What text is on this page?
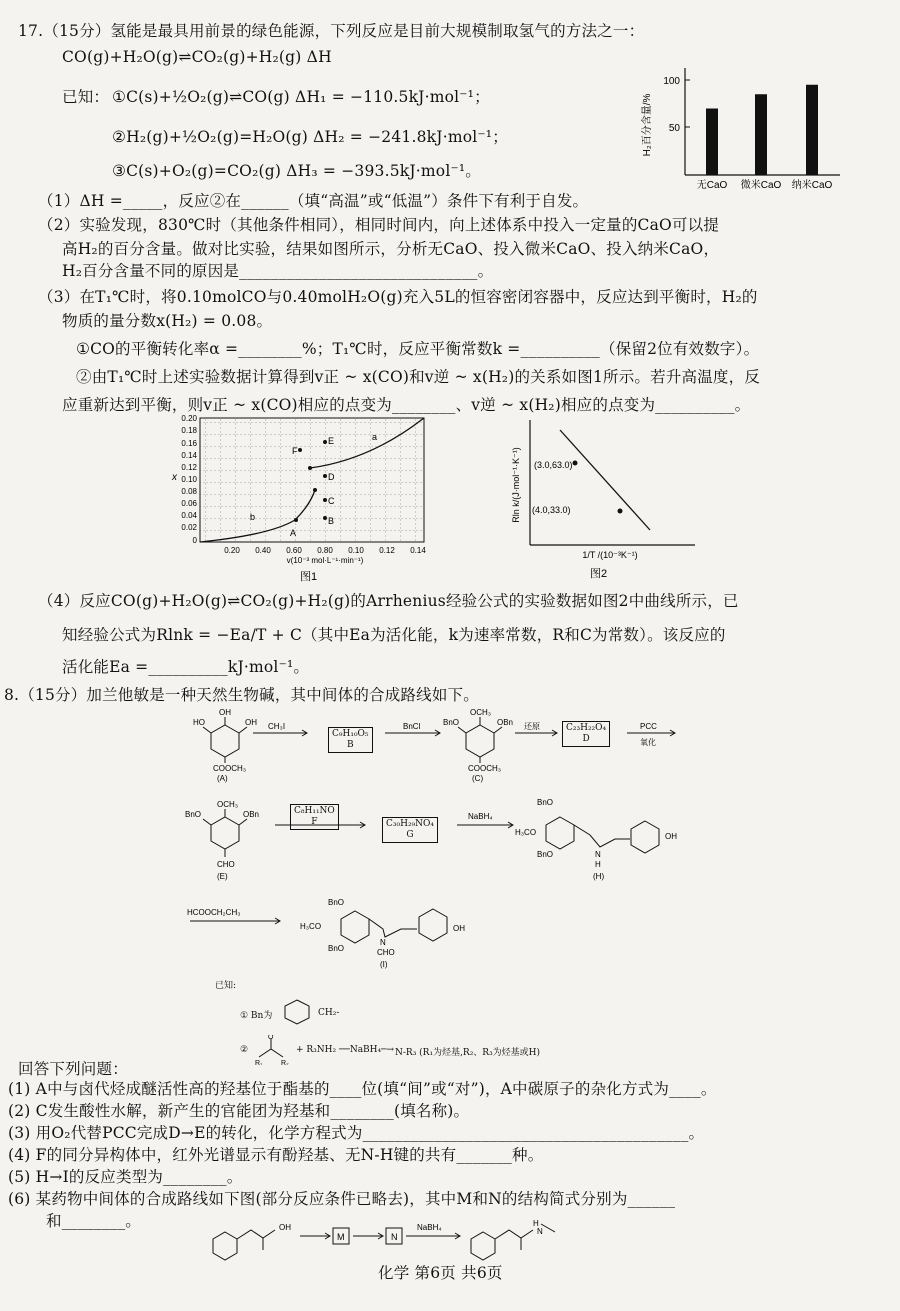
17.（15分）氢能是最具用前景的绿色能源，下列反应是目前大规模制取氢气的方法之一：
CO(g)+H₂O(g)⇌CO₂(g)+H₂(g) ΔH
已知： ①C(s)+½O₂(g)⇌CO(g) ΔH₁ = −110.5kJ·mol⁻¹；
②H₂(g)+½O₂(g)=H₂O(g) ΔH₂ = −241.8kJ·mol⁻¹；
③C(s)+O₂(g)=CO₂(g) ΔH₃ = −393.5kJ·mol⁻¹。
（1）ΔH =_____，反应②在______（填“高温”或“低温”）条件下有利于自发。
（2）实验发现，830℃时（其他条件相同），相同时间内，向上述体系中投入一定量的CaO可以提
高H₂的百分含量。做对比实验，结果如图所示，分析无CaO、投入微米CaO、投入纳米CaO，
H₂百分含量不同的原因是______________________________。
（3）在T₁℃时，将0.10molCO与0.40molH₂O(g)充入5L的恒容密闭容器中，反应达到平衡时，H₂的
物质的量分数x(H₂) = 0.08。
①CO的平衡转化率α =________%；T₁℃时，反应平衡常数k =__________（保留2位有效数字）。
②由T₁℃时上述实验数据计算得到v正 ~ x(CO)和v逆 ~ x(H₂)的关系如图1所示。若升高温度，反
应重新达到平衡，则v正 ~ x(CO)相应的点变为________、v逆 ~ x(H₂)相应的点变为__________。
H₂百分含量/%
100
50
无CaO 微米CaO 纳米CaO
0.20
0.18
0.16
0.14
0.12
0.10
0.08
0.06
0.04
0.02
0
x
0.20 0.40 0.60 0.80 0.10 0.12 0.14
v(10⁻³ mol·L⁻¹·min⁻¹)
A
B
C
D
E
F
a
b
图1
(3.0,63.0)
(4.0,33.0)
Rln k/(J·mol⁻¹·K⁻¹)
1/T /(10⁻³K⁻¹)
图2
（4）反应CO(g)+H₂O(g)⇌CO₂(g)+H₂(g)的Arrhenius经验公式的实验数据如图2中曲线所示，已
知经验公式为Rlnk = −Ea/T + C（其中Ea为活化能，k为速率常数，R和C为常数）。该反应的
活化能Ea =__________kJ·mol⁻¹。
8.（15分）加兰他敏是一种天然生物碱，其中间体的合成路线如下。
HO
OH
OH
COOCH₃
(A)
CH₃I	BnCl	BnO
OCH₃
OBn
COOCH₃
(C)
还原	PCC
氧化
C₉H₁₀O₅
B
C₂₃H₂₂O₄
D
BnO
OCH₃
OBn
CHO
(E)
NaBH₄
BnO
H₃CO
BnO	N
H
OH
(H)
C₈H₁₁NO
F	C₃₀H₂₉NO₄
G
HCOOCH₂CH₃
BnO
H₃CO
BnO
N
CHO
OH
(I)
已知:
① Bn为	CH₂-
②
O
R₁	R₂
+ R₃NH₂ ──NaBH₄─→ N-R₃ (R₁为烃基,R₂、R₃为烃基或H)
回答下列问题：
(1) A中与卤代烃成醚活性高的羟基位于酯基的____位(填“间”或“对”)，A中碳原子的杂化方式为____。
(2) C发生酸性水解，新产生的官能团为羟基和________(填名称)。
(3) 用O₂代替PCC完成D→E的转化，化学方程式为_________________________________________。
(4) F的同分异构体中，红外光谱显示有酚羟基、无N-H键的共有_______种。
(5) H→I的反应类型为________。
(6) 某药物中间体的合成路线如下图(部分反应条件已略去)，其中M和N的结构简式分别为______
和________。	OH
M	N
NaBH₄	H
N
化学 第6页 共6页
